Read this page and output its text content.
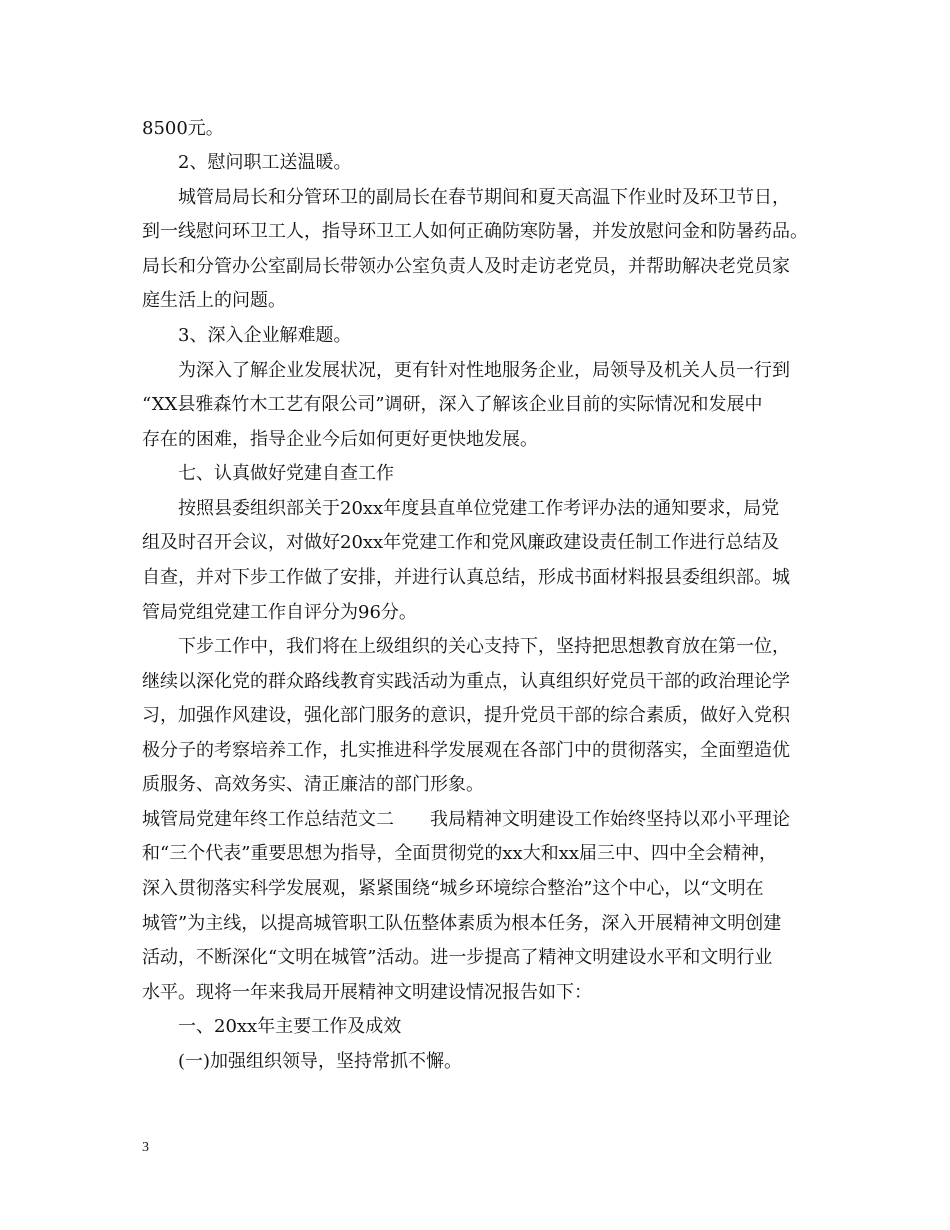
8500元。
　　2、慰问职工送温暖。
　　城管局局长和分管环卫的副局长在春节期间和夏天高温下作业时及环卫节日，
到一线慰问环卫工人，指导环卫工人如何正确防寒防暑，并发放慰问金和防暑药品。
局长和分管办公室副局长带领办公室负责人及时走访老党员，并帮助解决老党员家
庭生活上的问题。
　　3、深入企业解难题。
　　为深入了解企业发展状况，更有针对性地服务企业，局领导及机关人员一行到
“XX县雅森竹木工艺有限公司”调研，深入了解该企业目前的实际情况和发展中
存在的困难，指导企业今后如何更好更快地发展。
　　七、认真做好党建自查工作
　　按照县委组织部关于20xx年度县直单位党建工作考评办法的通知要求，局党
组及时召开会议，对做好20xx年党建工作和党风廉政建设责任制工作进行总结及
自查，并对下步工作做了安排，并进行认真总结，形成书面材料报县委组织部。城
管局党组党建工作自评分为96分。
　　下步工作中，我们将在上级组织的关心支持下，坚持把思想教育放在第一位，
继续以深化党的群众路线教育实践活动为重点，认真组织好党员干部的政治理论学
习，加强作风建设，强化部门服务的意识，提升党员干部的综合素质，做好入党积
极分子的考察培养工作，扎实推进科学发展观在各部门中的贯彻落实，全面塑造优
质服务、高效务实、清正廉洁的部门形象。
城管局党建年终工作总结范文二　　我局精神文明建设工作始终坚持以邓小平理论
和“三个代表”重要思想为指导，全面贯彻党的xx大和xx届三中、四中全会精神，
深入贯彻落实科学发展观，紧紧围绕“城乡环境综合整治”这个中心，以“文明在
城管”为主线，以提高城管职工队伍整体素质为根本任务，深入开展精神文明创建
活动，不断深化“文明在城管”活动。进一步提高了精神文明建设水平和文明行业
水平。现将一年来我局开展精神文明建设情况报告如下：
　　一、20xx年主要工作及成效
　　(一)加强组织领导，坚持常抓不懈。
3
